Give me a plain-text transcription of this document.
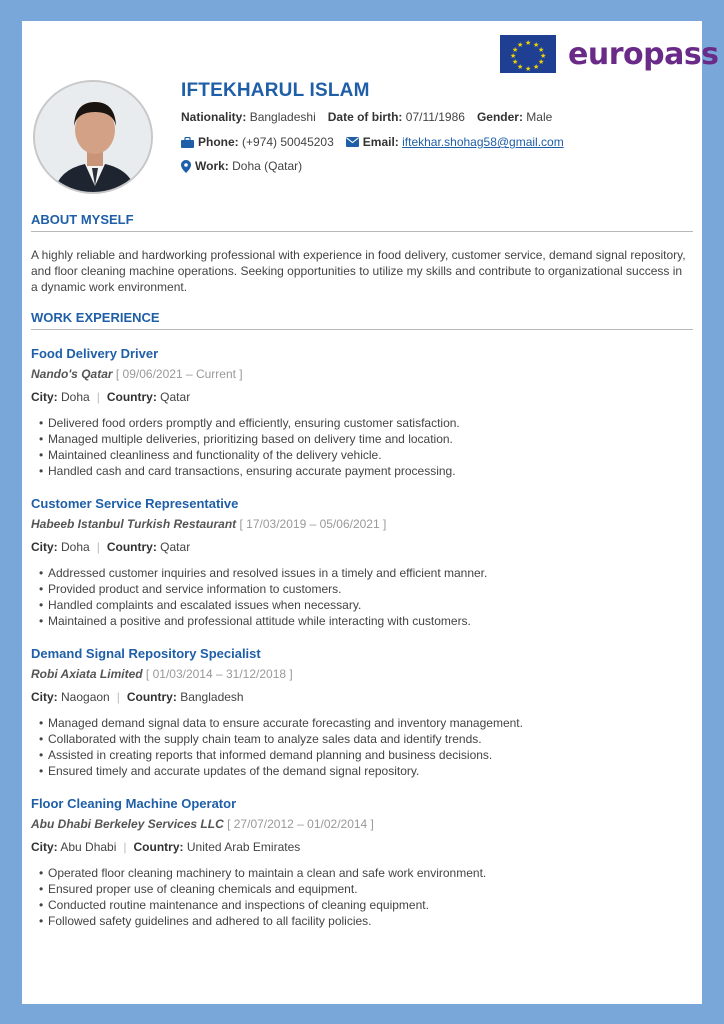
★ ★
★
★
★
★
★
★
★
★
★
★ europass
IFTEKHARUL ISLAM
Nationality:
Bangladeshi Date of birth:
07/11/1986 Gender:
Male
Phone:
(+974) 50045203 Email:
iftekhar.shohag58@gmail.com
Work:
Doha (Qatar)
ABOUT MYSELF
A highly reliable and hardworking professional with experience in food delivery, customer service, demand signal repository, and floor cleaning machine operations. Seeking opportunities to utilize my skills and contribute to organizational success in a dynamic work environment.
WORK EXPERIENCE
Food Delivery Driver
Nando's Qatar [ 09/06/2021 – Current ]
City: Doha | Country: Qatar
• Delivered food orders promptly and efficiently, ensuring customer satisfaction.
• Managed multiple deliveries, prioritizing based on delivery time and location.
• Maintained cleanliness and functionality of the delivery vehicle.
• Handled cash and card transactions, ensuring accurate payment processing.
Customer Service Representative
Habeeb Istanbul Turkish Restaurant [ 17/03/2019 – 05/06/2021 ]
City: Doha | Country: Qatar
• Addressed customer inquiries and resolved issues in a timely and efficient manner.
• Provided product and service information to customers.
• Handled complaints and escalated issues when necessary.
• Maintained a positive and professional attitude while interacting with customers.
Demand Signal Repository Specialist
Robi Axiata Limited [ 01/03/2014 – 31/12/2018 ]
City: Naogaon | Country: Bangladesh
• Managed demand signal data to ensure accurate forecasting and inventory management.
• Collaborated with the supply chain team to analyze sales data and identify trends.
• Assisted in creating reports that informed demand planning and business decisions.
• Ensured timely and accurate updates of the demand signal repository.
Floor Cleaning Machine Operator
Abu Dhabi Berkeley Services LLC [ 27/07/2012 – 01/02/2014 ]
City: Abu Dhabi | Country: United Arab Emirates
• Operated floor cleaning machinery to maintain a clean and safe work environment.
• Ensured proper use of cleaning chemicals and equipment.
• Conducted routine maintenance and inspections of cleaning equipment.
• Followed safety guidelines and adhered to all facility policies.
